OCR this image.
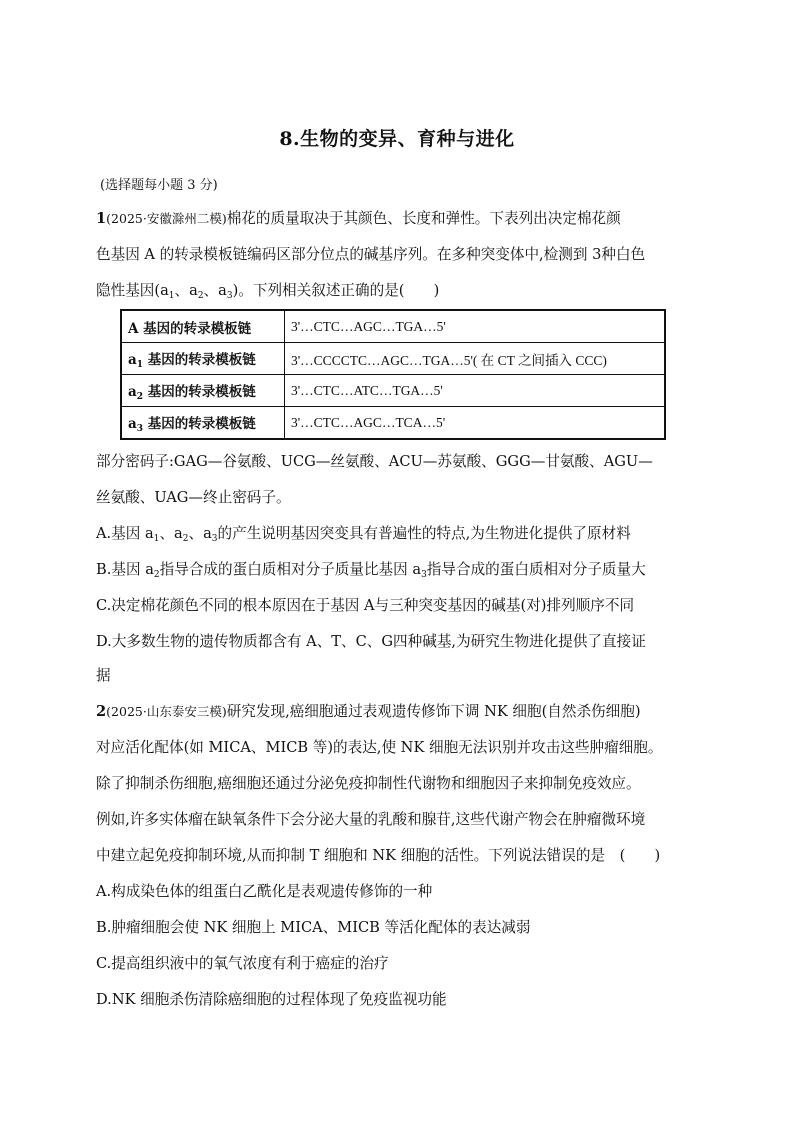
8.生物的变异、育种与进化
(选择题每小题 3 分)
1(2025·安徽滁州二模)棉花的质量取决于其颜色、长度和弹性。下表列出决定棉花颜
色基因 A 的转录模板链编码区部分位点的碱基序列。在多种突变体中,检测到 3种白色
隐性基因($a_1$、$a_2$、$a_3$)。下列相关叙述正确的是(　　)
A 基因的转录模板链	3'…CTC…AGC…TGA…5'
$a_1$ 基因的转录模板链	3'…CCCCTC…AGC…TGA…5'( 在 CT 之间插入 CCC)
$a_2$ 基因的转录模板链	3'…CTC…ATC…TGA…5'
$a_3$ 基因的转录模板链	3'…CTC…AGC…TCA…5'
部分密码子:GAG—谷氨酸、UCG—丝氨酸、ACU—苏氨酸、GGG—甘氨酸、AGU—
丝氨酸、UAG—终止密码子。
A.基因 $a_1$、$a_2$、$a_3$的产生说明基因突变具有普遍性的特点,为生物进化提供了原材料
B.基因 $a_2$指导合成的蛋白质相对分子质量比基因 $a_3$指导合成的蛋白质相对分子质量大
C.决定棉花颜色不同的根本原因在于基因 A与三种突变基因的碱基(对)排列顺序不同
D.大多数生物的遗传物质都含有 A、T、C、G四种碱基,为研究生物进化提供了直接证
据
2(2025·山东泰安三模)研究发现,癌细胞通过表观遗传修饰下调 NK 细胞(自然杀伤细胞)
对应活化配体(如 MICA、MICB 等)的表达,使 NK 细胞无法识别并攻击这些肿瘤细胞。
除了抑制杀伤细胞,癌细胞还通过分泌免疫抑制性代谢物和细胞因子来抑制免疫效应。
例如,许多实体瘤在缺氧条件下会分泌大量的乳酸和腺苷,这些代谢产物会在肿瘤微环境
中建立起免疫抑制环境,从而抑制 T 细胞和 NK 细胞的活性。下列说法错误的是　(　　)
A.构成染色体的组蛋白乙酰化是表观遗传修饰的一种
B.肿瘤细胞会使 NK 细胞上 MICA、MICB 等活化配体的表达减弱
C.提高组织液中的氧气浓度有利于癌症的治疗
D.NK 细胞杀伤清除癌细胞的过程体现了免疫监视功能
